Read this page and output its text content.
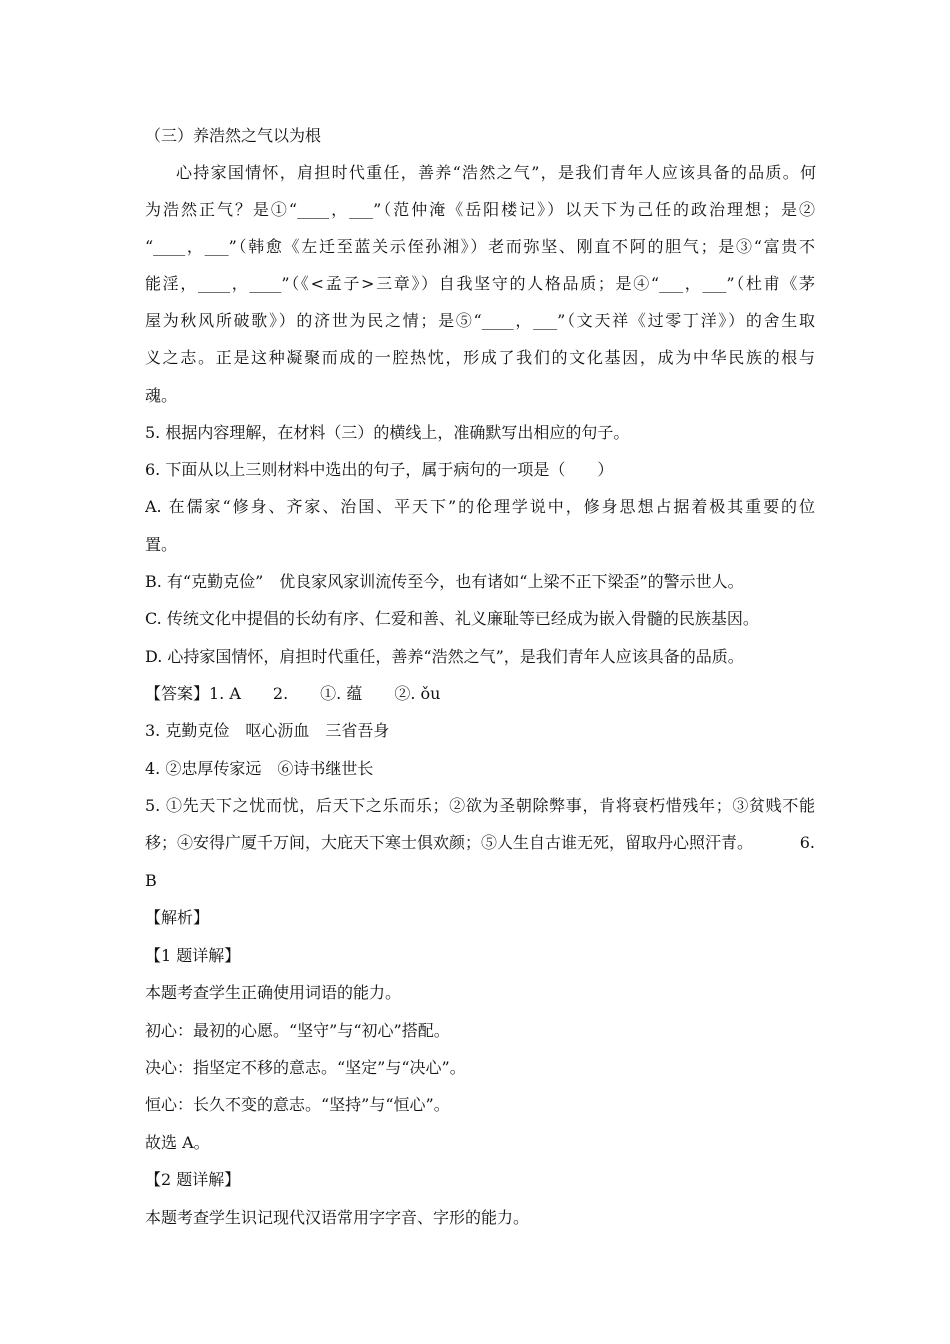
（三）养浩然之气以为根
心持家国情怀，肩担时代重任，善养“浩然之气”，是我们青年人应该具备的品质。何
为浩然正气？是①“____，___”（范仲淹《岳阳楼记》）以天下为己任的政治理想；是②
“____，___”（韩愈《左迁至蓝关示侄孙湘》）老而弥坚、刚直不阿的胆气；是③“富贵不
能淫，____，____”（《<孟子>三章》）自我坚守的人格品质；是④“___，___”（杜甫《茅
屋为秋风所破歌》）的济世为民之情；是⑤“____，___”（文天祥《过零丁洋》）的舍生取
义之志。正是这种凝聚而成的一腔热忱，形成了我们的文化基因，成为中华民族的根与
魂。
5. 根据内容理解，在材料（三）的横线上，准确默写出相应的句子。
6. 下面从以上三则材料中选出的句子，属于病句的一项是（　　）
A. 在儒家“修身、齐家、治国、平天下”的伦理学说中，修身思想占据着极其重要的位
置。
B. 有“克勤克俭”　优良家风家训流传至今，也有诸如“上梁不正下梁歪”的警示世人。
C. 传统文化中提倡的长幼有序、仁爱和善、礼义廉耻等已经成为嵌入骨髓的民族基因。
D. 心持家国情怀，肩担时代重任，善养“浩然之气”，是我们青年人应该具备的品质。
【答案】1. A　　2.　　①. 蕴　　②. ǒu
3. 克勤克俭　呕心沥血　三省吾身
4. ②忠厚传家远　⑥诗书继世长
5. ①先天下之忧而忧，后天下之乐而乐；②欲为圣朝除弊事，肯将衰朽惜残年；③贫贱不能
移；④安得广厦千万间，大庇天下寒士俱欢颜；⑤人生自古谁无死，留取丹心照汗青。	6.
B
【解析】
【1 题详解】
本题考查学生正确使用词语的能力。
初心：最初的心愿。“坚守”与“初心”搭配。
决心：指坚定不移的意志。“坚定”与“决心”。
恒心：长久不变的意志。“坚持”与“恒心”。
故选 A。
【2 题详解】
本题考查学生识记现代汉语常用字字音、字形的能力。
